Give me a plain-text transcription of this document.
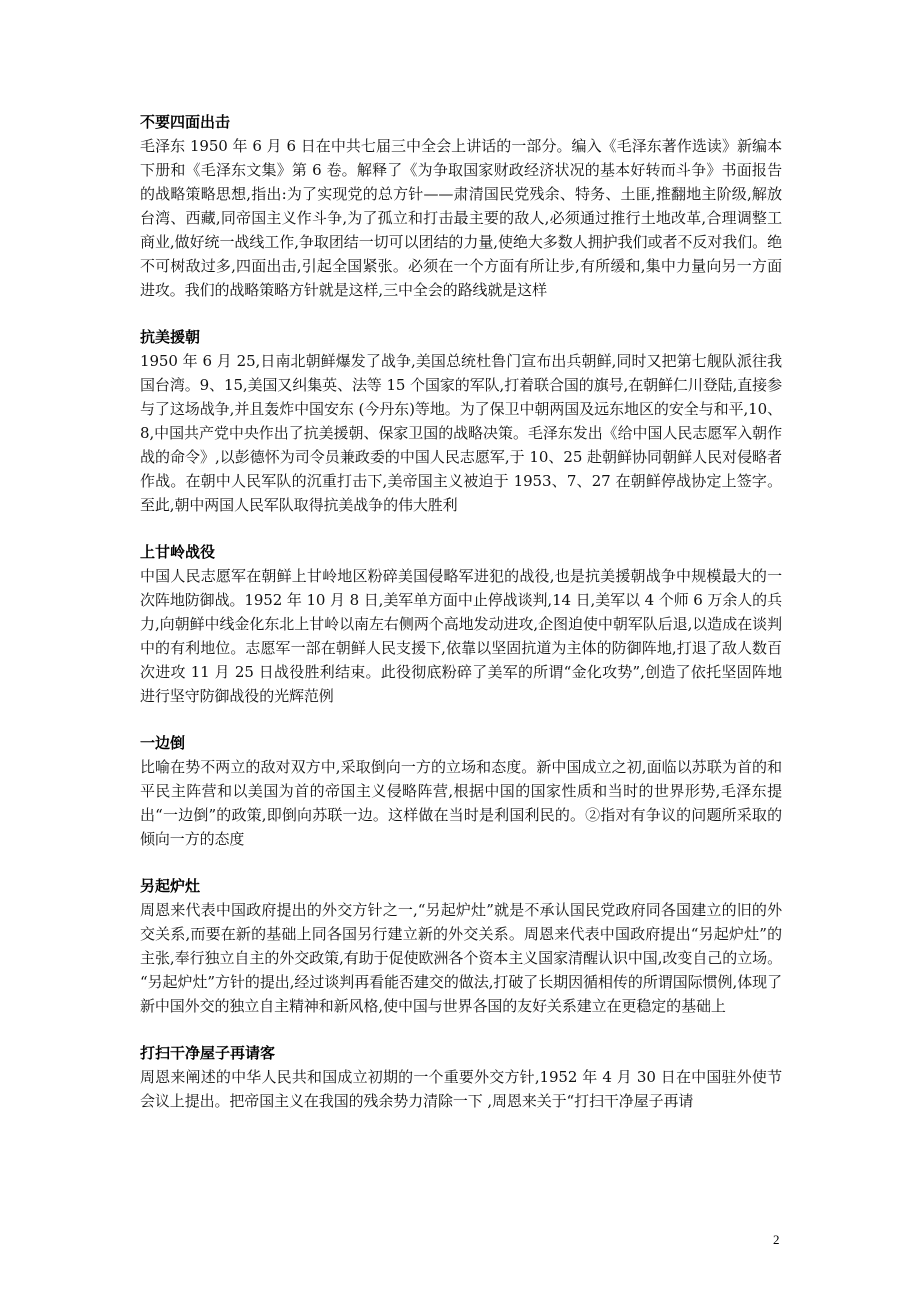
不要四面出击

毛泽东 1950 年 6 月 6 日在中共七届三中全会上讲话的一部分。编入《毛泽东著作选读》新编本下册和《毛泽东文集》第 6 卷。解释了《为争取国家财政经济状况的基本好转而斗争》书面报告的战略策略思想,指出:为了实现党的总方针——肃清国民党残余、特务、土匪,推翻地主阶级,解放台湾、西藏,同帝国主义作斗争,为了孤立和打击最主要的敌人,必须通过推行土地改革,合理调整工商业,做好统一战线工作,争取团结一切可以团结的力量,使绝大多数人拥护我们或者不反对我们。绝不可树敌过多,四面出击,引起全国紧张。必须在一个方面有所让步,有所缓和,集中力量向另一方面进攻。我们的战略策略方针就是这样,三中全会的路线就是这样

抗美援朝

1950 年 6 月 25,日南北朝鲜爆发了战争,美国总统杜鲁门宣布出兵朝鲜,同时又把第七舰队派往我国台湾。9、15,美国又纠集英、法等 15 个国家的军队,打着联合国的旗号,在朝鲜仁川登陆,直接参与了这场战争,并且轰炸中国安东 (今丹东)等地。为了保卫中朝两国及远东地区的安全与和平,10、8,中国共产党中央作出了抗美援朝、保家卫国的战略决策。毛泽东发出《给中国人民志愿军入朝作战的命令》,以彭德怀为司令员兼政委的中国人民志愿军,于 10、25 赴朝鲜协同朝鲜人民对侵略者作战。在朝中人民军队的沉重打击下,美帝国主义被迫于 1953、7、27 在朝鲜停战协定上签字。至此,朝中两国人民军队取得抗美战争的伟大胜利

上甘岭战役

中国人民志愿军在朝鲜上甘岭地区粉碎美国侵略军进犯的战役,也是抗美援朝战争中规模最大的一次阵地防御战。1952 年 10 月 8 日,美军单方面中止停战谈判,14 日,美军以 4 个师 6 万余人的兵力,向朝鲜中线金化东北上甘岭以南左右侧两个高地发动进攻,企图迫使中朝军队后退,以造成在谈判中的有利地位。志愿军一部在朝鲜人民支援下,依靠以坚固抗道为主体的防御阵地,打退了敌人数百次进攻 11 月 25 日战役胜利结束。此役彻底粉碎了美军的所谓“金化攻势”,创造了依托坚固阵地进行坚守防御战役的光辉范例

一边倒

比喻在势不两立的敌对双方中,采取倒向一方的立场和态度。新中国成立之初,面临以苏联为首的和平民主阵营和以美国为首的帝国主义侵略阵营,根据中国的国家性质和当时的世界形势,毛泽东提出“一边倒”的政策,即倒向苏联一边。这样做在当时是利国利民的。②指对有争议的问题所采取的倾向一方的态度

另起炉灶

周恩来代表中国政府提出的外交方针之一,“另起炉灶”就是不承认国民党政府同各国建立的旧的外交关系,而要在新的基础上同各国另行建立新的外交关系。周恩来代表中国政府提出“另起炉灶”的主张,奉行独立自主的外交政策,有助于促使欧洲各个资本主义国家清醒认识中国,改变自己的立场。 “另起炉灶”方针的提出,经过谈判再看能否建交的做法,打破了长期因循相传的所谓国际惯例,体现了新中国外交的独立自主精神和新风格,使中国与世界各国的友好关系建立在更稳定的基础上

打扫干净屋子再请客

周恩来阐述的中华人民共和国成立初期的一个重要外交方针,1952 年 4 月 30 日在中国驻外使节会议上提出。把帝国主义在我国的残余势力清除一下 ,周恩来关于“打扫干净屋子再请

2
